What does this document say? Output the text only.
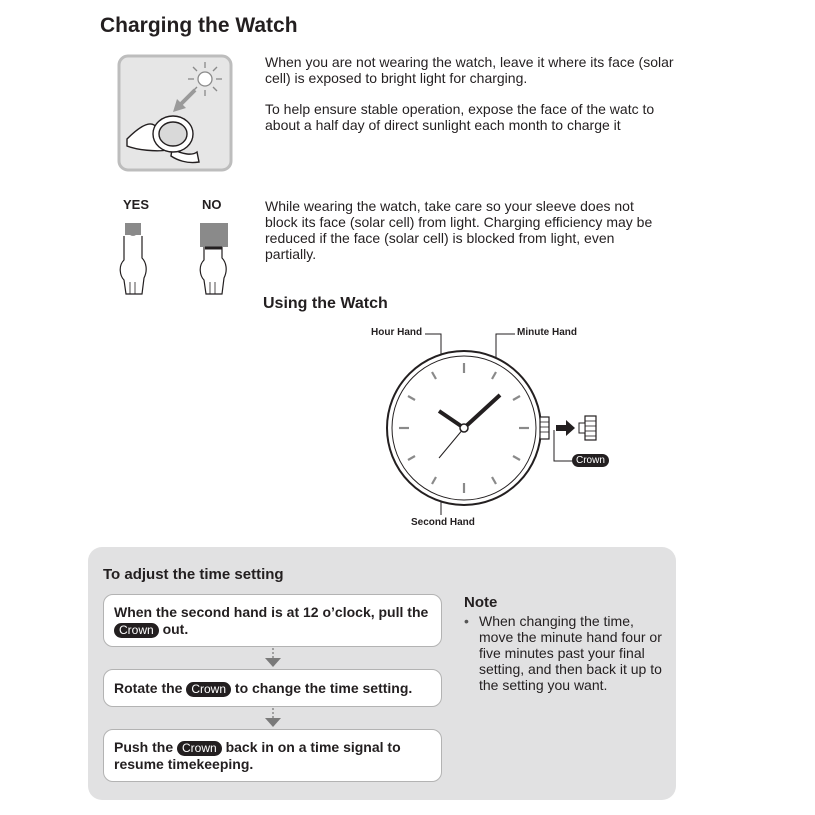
Charging the Watch
When you are not wearing the watch, leave it where its face (solar cell) is exposed to bright light for charging.
To help ensure stable operation, expose the face of the watc to about a half day of direct sunlight each month to charge it
YES	NO	While wearing the watch, take care so your sleeve does not block its face (solar cell) from light. Charging efficiency may be reduced if the face (solar cell) is blocked from light, even partially.
Using the Watch
Hour Hand	Minute Hand
Second Hand
Crown
To adjust the time setting
When the second hand is at 12 o’clock, pull the Crown out.
Rotate the Crown to change the time setting.
Push the Crown back in on a time signal to resume timekeeping.
Note
• When changing the time, move the minute hand four or five minutes past your final setting, and then back it up to the setting you want.
